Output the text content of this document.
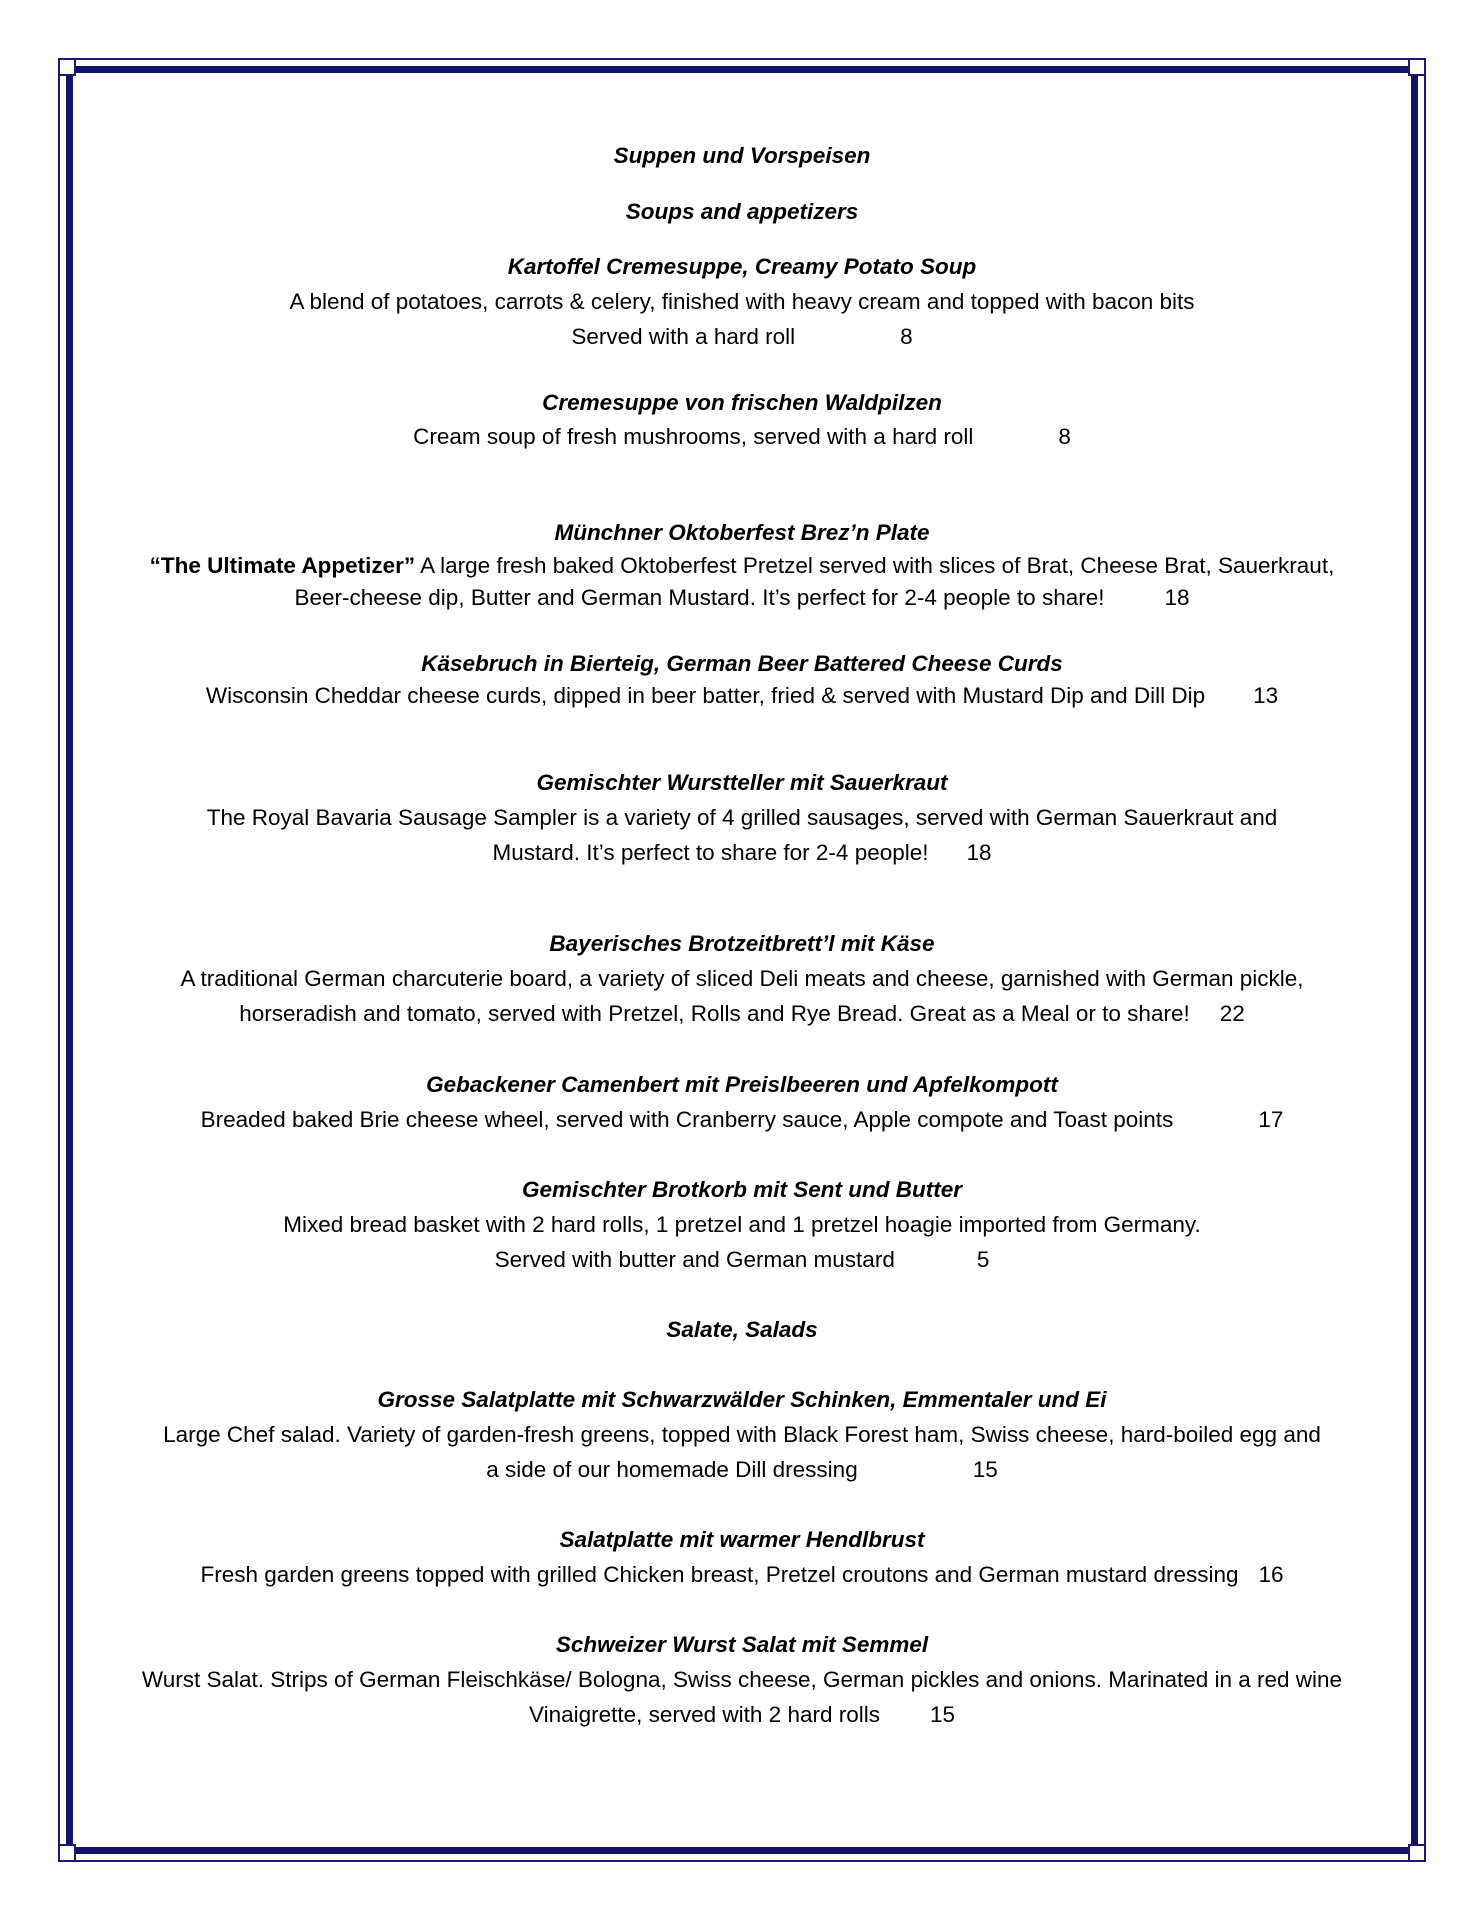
Suppen und Vorspeisen
Soups and appetizers
Kartoffel Cremesuppe, Creamy Potato Soup
A blend of potatoes, carrots & celery, finished with heavy cream and topped with bacon bits
Served with a hard roll	8
Cremesuppe von frischen Waldpilzen
Cream soup of fresh mushrooms, served with a hard roll	8
Münchner Oktoberfest Brez’n Plate
“The Ultimate Appetizer” A large fresh baked Oktoberfest Pretzel served with slices of Brat, Cheese Brat, Sauerkraut,
Beer-cheese dip, Butter and German Mustard. It’s perfect for 2-4 people to share!	18
Käsebruch in Bierteig, German Beer Battered Cheese Curds
Wisconsin Cheddar cheese curds, dipped in beer batter, fried & served with Mustard Dip and Dill Dip 13
Gemischter Wurstteller mit Sauerkraut
The Royal Bavaria Sausage Sampler is a variety of 4 grilled sausages, served with German Sauerkraut and
Mustard. It’s perfect to share for 2-4 people! 18
Bayerisches Brotzeitbrett’l mit Käse
A traditional German charcuterie board, a variety of sliced Deli meats and cheese, garnished with German pickle,
horseradish and tomato, served with Pretzel, Rolls and Rye Bread. Great as a Meal or to share! 22
Gebackener Camenbert mit Preislbeeren und Apfelkompott
Breaded baked Brie cheese wheel, served with Cranberry sauce, Apple compote and Toast points	17
Gemischter Brotkorb mit Sent und Butter
Mixed bread basket with 2 hard rolls, 1 pretzel and 1 pretzel hoagie imported from Germany.
Served with butter and German mustard	5
Salate, Salads
Grosse Salatplatte mit Schwarzwälder Schinken, Emmentaler und Ei
Large Chef salad. Variety of garden-fresh greens, topped with Black Forest ham, Swiss cheese, hard-boiled egg and
a side of our homemade Dill dressing	15
Salatplatte mit warmer Hendlbrust
Fresh garden greens topped with grilled Chicken breast, Pretzel croutons and German mustard dressing 16
Schweizer Wurst Salat mit Semmel
Wurst Salat. Strips of German Fleischkäse/ Bologna, Swiss cheese, German pickles and onions. Marinated in a red wine
Vinaigrette, served with 2 hard rolls 15
